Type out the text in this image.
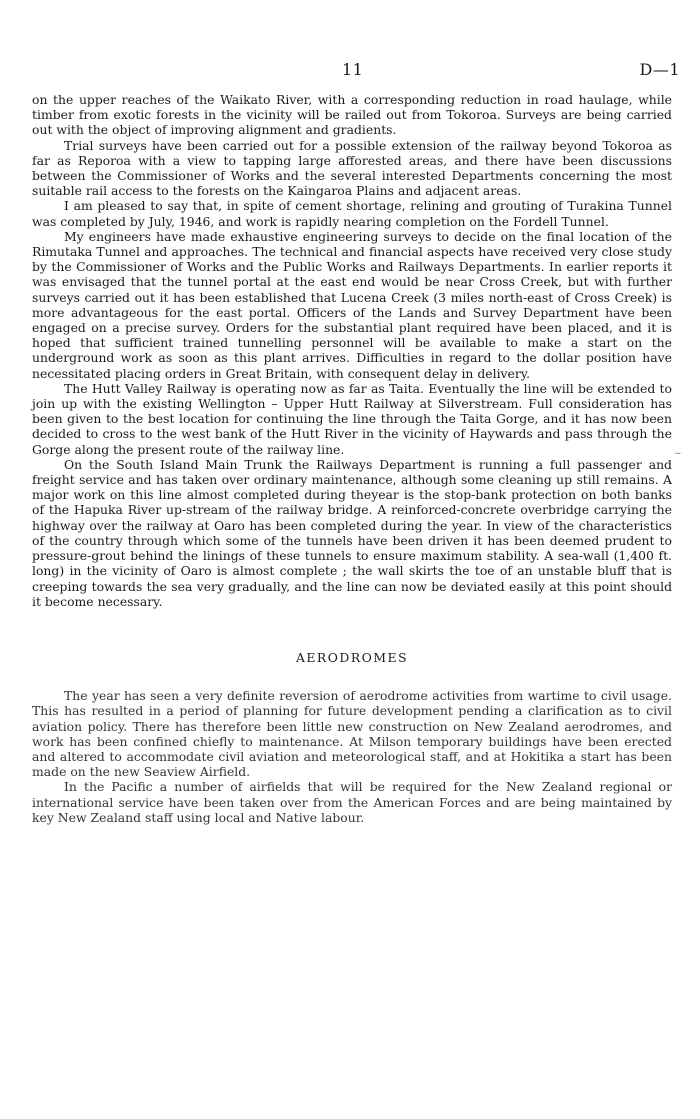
11	D—1

on the upper reaches of the Waikato River, with a corresponding reduction in road haulage, while timber from exotic forests in the vicinity will be railed out from Tokoroa. Surveys are being carried out with the object of improving alignment and gradients.

Trial surveys have been carried out for a possible extension of the railway beyond Tokoroa as far as Reporoa with a view to tapping large afforested areas, and there have been discussions between the Commissioner of Works and the several interested Departments concerning the most suitable rail access to the forests on the Kaingaroa Plains and adjacent areas.

I am pleased to say that, in spite of cement shortage, relining and grouting of Turakina Tunnel was completed by July, 1946, and work is rapidly nearing completion on the Fordell Tunnel.

My engineers have made exhaustive engineering surveys to decide on the final location of the Rimutaka Tunnel and approaches. The technical and financial aspects have received very close study by the Commissioner of Works and the Public Works and Railways Departments. In earlier reports it was envisaged that the tunnel portal at the east end would be near Cross Creek, but with further surveys carried out it has been established that Lucena Creek (3 miles north-east of Cross Creek) is more advantageous for the east portal. Officers of the Lands and Survey Department have been engaged on a precise survey. Orders for the substantial plant required have been placed, and it is hoped that sufficient trained tunnelling personnel will be available to make a start on the underground work as soon as this plant arrives. Difficulties in regard to the dollar position have necessitated placing orders in Great Britain, with consequent delay in delivery.

The Hutt Valley Railway is operating now as far as Taita. Eventually the line will be extended to join up with the existing Wellington – Upper Hutt Railway at Silverstream. Full consideration has been given to the best location for continuing the line through the Taita Gorge, and it has now been decided to cross to the west bank of the Hutt River in the vicinity of Haywards and pass through the Gorge along the present route of the railway line.

On the South Island Main Trunk the Railways Department is running a full passenger and freight service and has taken over ordinary maintenance, although some cleaning up still remains. A major work on this line almost completed during theyear is the stop-bank protection on both banks of the Hapuka River up-stream of the railway bridge. A reinforced-concrete overbridge carrying the highway over the railway at Oaro has been completed during the year. In view of the characteristics of the country through which some of the tunnels have been driven it has been deemed prudent to pressure-grout behind the linings of these tunnels to ensure maximum stability. A sea-wall (1,400 ft. long) in the vicinity of Oaro is almost complete ; the wall skirts the toe of an unstable bluff that is creeping towards the sea very gradually, and the line can now be deviated easily at this point should it become necessary.

AERODROMES

The year has seen a very definite reversion of aerodrome activities from wartime to civil usage. This has resulted in a period of planning for future development pending a clarification as to civil aviation policy. There has therefore been little new construction on New Zealand aerodromes, and work has been confined chiefly to maintenance. At Milson temporary buildings have been erected and altered to accommodate civil aviation and meteorological staff, and at Hokitika a start has been made on the new Seaview Airfield.

In the Pacific a number of airfields that will be required for the New Zealand regional or international service have been taken over from the American Forces and are being maintained by key New Zealand staff using local and Native labour.

~
